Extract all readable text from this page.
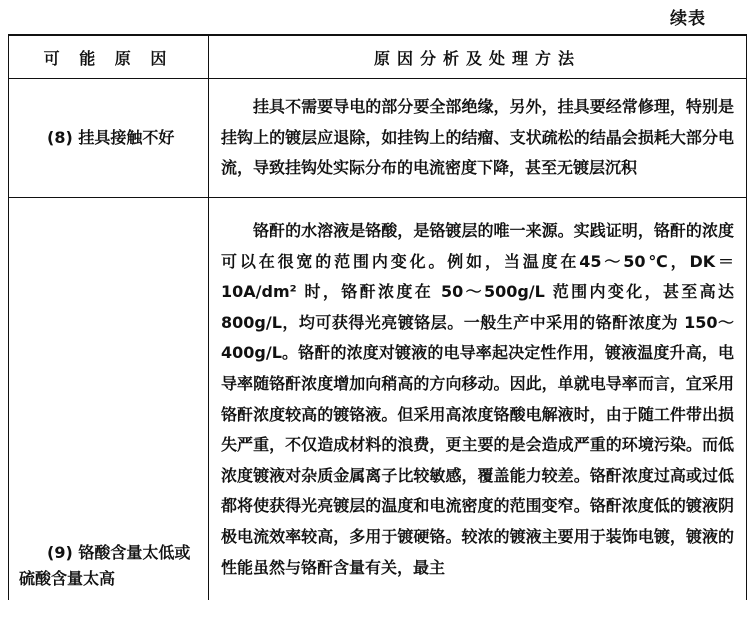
续表
可 能 原 因	原因分析及处理方法

(8) 挂具接触不好	挂具不需要导电的部分要全部绝缘，另外，挂具要经常修理，特别是挂钩上的镀层应退除，如挂钩上的结瘤、支状疏松的结晶会损耗大部分电流，导致挂钩处实际分布的电流密度下降，甚至无镀层沉积

(9) 铬酸含量太低或硫酸含量太高	铬酐的水溶液是铬酸，是铬镀层的唯一来源。实践证明，铬酐的浓度可以在很宽的范围内变化。例如，当温度在45～50℃，DK＝10A/dm² 时，铬酐浓度在 50～500g/L 范围内变化，甚至高达 800g/L，均可获得光亮镀铬层。一般生产中采用的铬酐浓度为 150～400g/L。铬酐的浓度对镀液的电导率起决定性作用，镀液温度升高，电导率随铬酐浓度增加向稍高的方向移动。因此，单就电导率而言，宜采用铬酐浓度较高的镀铬液。但采用高浓度铬酸电解液时，由于随工件带出损失严重，不仅造成材料的浪费，更主要的是会造成严重的环境污染。而低浓度镀液对杂质金属离子比较敏感，覆盖能力较差。铬酐浓度过高或过低都将使获得光亮镀层的温度和电流密度的范围变窄。铬酐浓度低的镀液阴极电流效率较高，多用于镀硬铬。较浓的镀液主要用于装饰电镀，镀液的性能虽然与铬酐含量有关，最主
